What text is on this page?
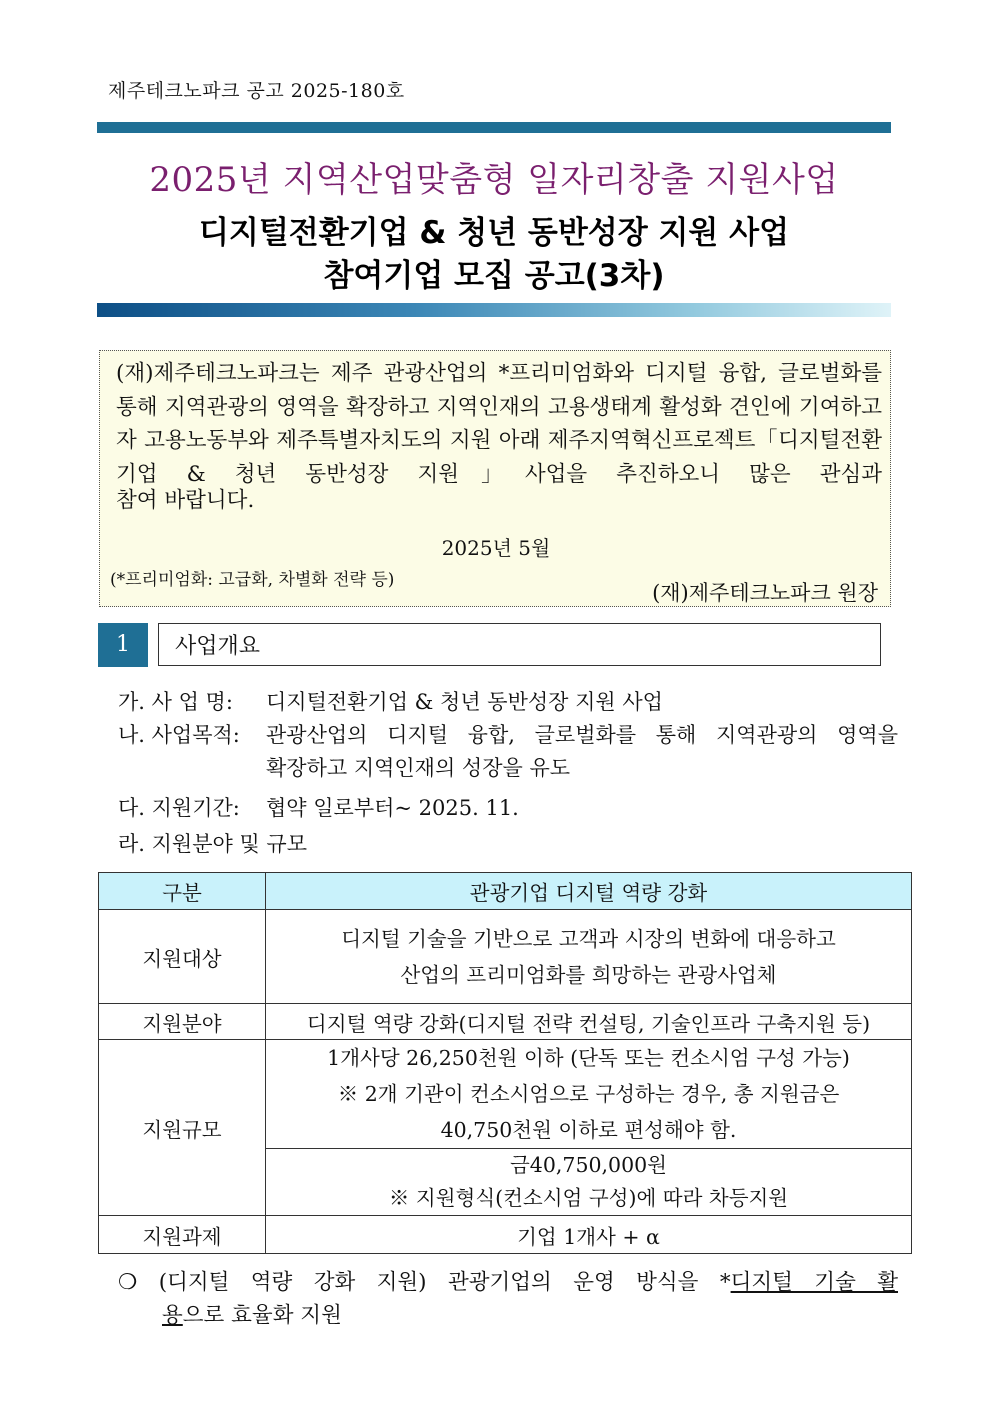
제주테크노파크 공고 2025-180호
2025년 지역산업맞춤형 일자리창출 지원사업
디지털전환기업 & 청년 동반성장 지원 사업
참여기업 모집 공고(3차)
(재)제주테크노파크는 제주 관광산업의 *프리미엄화와 디지털 융합, 글로벌화를 통해 지역관광의 영역을 확장하고 지역인재의 고용생태계 활성화 견인에 기여하고자 고용노동부와 제주특별자치도의 지원 아래 제주지역혁신프로젝트「디지털전환기업 & 청년 동반성장 지원」사업을 추진하오니 많은 관심과
참여 바랍니다.
2025년 5월
(*프리미엄화: 고급화, 차별화 전략 등)
(재)제주테크노파크 원장
1	사업개요
가. 사 업 명: 디지털전환기업 & 청년 동반성장 지원 사업
나. 사업목적: 관광산업의 디지털 융합, 글로벌화를 통해 지역관광의 영역을
확장하고 지역인재의 성장을 유도
다. 지원기간: 협약 일로부터~ 2025. 11.
라. 지원분야 및 규모
구분	관광기업 디지털 역량 강화
지원대상	디지털 기술을 기반으로 고객과 시장의 변화에 대응하고
산업의 프리미엄화를 희망하는 관광사업체

지원분야	디지털 역량 강화(디지털 전략 컨설팅, 기술인프라 구축지원 등)
지원규모	1개사당 26,250천원 이하 (단독 또는 컨소시엄 구성 가능)
※ 2개 기관이 컨소시엄으로 구성하는 경우, 총 지원금은
40,750천원 이하로 편성해야 함.

	금40,750,000원
※ 지원형식(컨소시엄 구성)에 따라 차등지원

지원과제	기업 1개사 + α
❍ (디지털 역량 강화 지원) 관광기업의 운영 방식을 *디지털 기술 활
용으로 효율화 지원
